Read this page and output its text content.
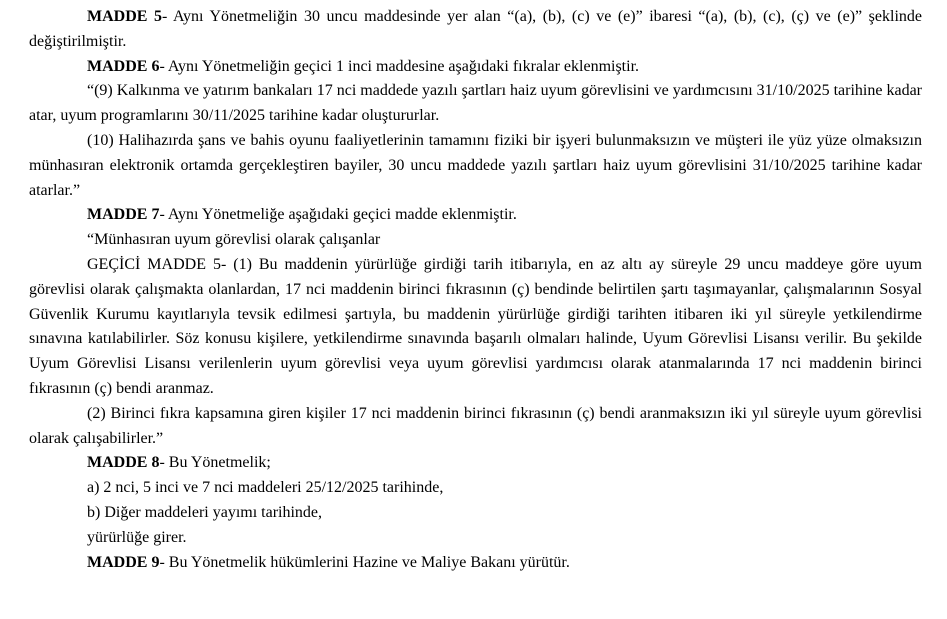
MADDE 5- Aynı Yönetmeliğin 30 uncu maddesinde yer alan “(a), (b), (c) ve (e)” ibaresi “(a), (b), (c), (ç) ve (e)” şeklinde değiştirilmiştir.

MADDE 6- Aynı Yönetmeliğin geçici 1 inci maddesine aşağıdaki fıkralar eklenmiştir.

“(9) Kalkınma ve yatırım bankaları 17 nci maddede yazılı şartları haiz uyum görevlisini ve yardımcısını 31/10/2025 tarihine kadar atar, uyum programlarını 30/11/2025 tarihine kadar oluştururlar.

(10) Halihazırda şans ve bahis oyunu faaliyetlerinin tamamını fiziki bir işyeri bulunmaksızın ve müşteri ile yüz yüze olmaksızın münhasıran elektronik ortamda gerçekleştiren bayiler, 30 uncu maddede yazılı şartları haiz uyum görevlisini 31/10/2025 tarihine kadar atarlar.”

MADDE 7- Aynı Yönetmeliğe aşağıdaki geçici madde eklenmiştir.

“Münhasıran uyum görevlisi olarak çalışanlar

GEÇİCİ MADDE 5- (1) Bu maddenin yürürlüğe girdiği tarih itibarıyla, en az altı ay süreyle 29 uncu maddeye göre uyum görevlisi olarak çalışmakta olanlardan, 17 nci maddenin birinci fıkrasının (ç) bendinde belirtilen şartı taşımayanlar, çalışmalarının Sosyal Güvenlik Kurumu kayıtlarıyla tevsik edilmesi şartıyla, bu maddenin yürürlüğe girdiği tarihten itibaren iki yıl süreyle yetkilendirme sınavına katılabilirler. Söz konusu kişilere, yetkilendirme sınavında başarılı olmaları halinde, Uyum Görevlisi Lisansı verilir. Bu şekilde Uyum Görevlisi Lisansı verilenlerin uyum görevlisi veya uyum görevlisi yardımcısı olarak atanmalarında 17 nci maddenin birinci fıkrasının (ç) bendi aranmaz.

(2) Birinci fıkra kapsamına giren kişiler 17 nci maddenin birinci fıkrasının (ç) bendi aranmaksızın iki yıl süreyle uyum görevlisi olarak çalışabilirler.”

MADDE 8- Bu Yönetmelik;

a) 2 nci, 5 inci ve 7 nci maddeleri 25/12/2025 tarihinde,

b) Diğer maddeleri yayımı tarihinde,

yürürlüğe girer.

MADDE 9- Bu Yönetmelik hükümlerini Hazine ve Maliye Bakanı yürütür.
